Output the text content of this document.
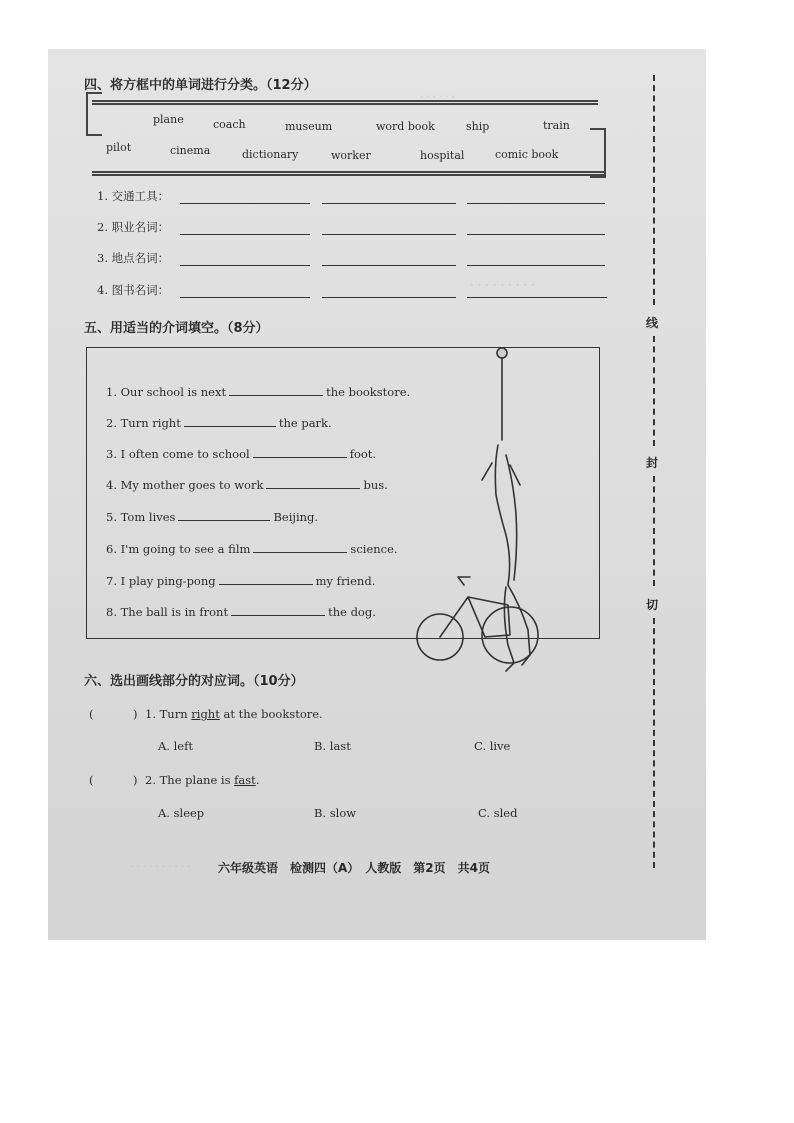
· · · · · ·
· · · · · · · · ·
· · · · · · · · · ·
四、将方框中的单词进行分类。（12分）
plane	coach	museum	word book	ship	train
pilot	cinema	dictionary	worker	hospital	comic book
1. 交通工具：
2. 职业名词：
3. 地点名词：
4. 图书名词：
五、用适当的介词填空。（8分）
1. Our school is next	the bookstore.
2. Turn right	the park.
3. I often come to school	foot.
4. My mother goes to work	bus.
5. Tom lives	Beijing.
6. I'm going to see a film	science.
7. I play ping-pong	my friend.
8. The ball is in front	the dog.
六、选出画线部分的对应词。（10分）
(	) 1. Turn right at the bookstore.
A. left	B. last	C. live
(	) 2. The plane is fast.
A. sleep	B. slow	C. sled
六年级英语　检测四（A）　人教版　第2页　共4页
线
封
切
